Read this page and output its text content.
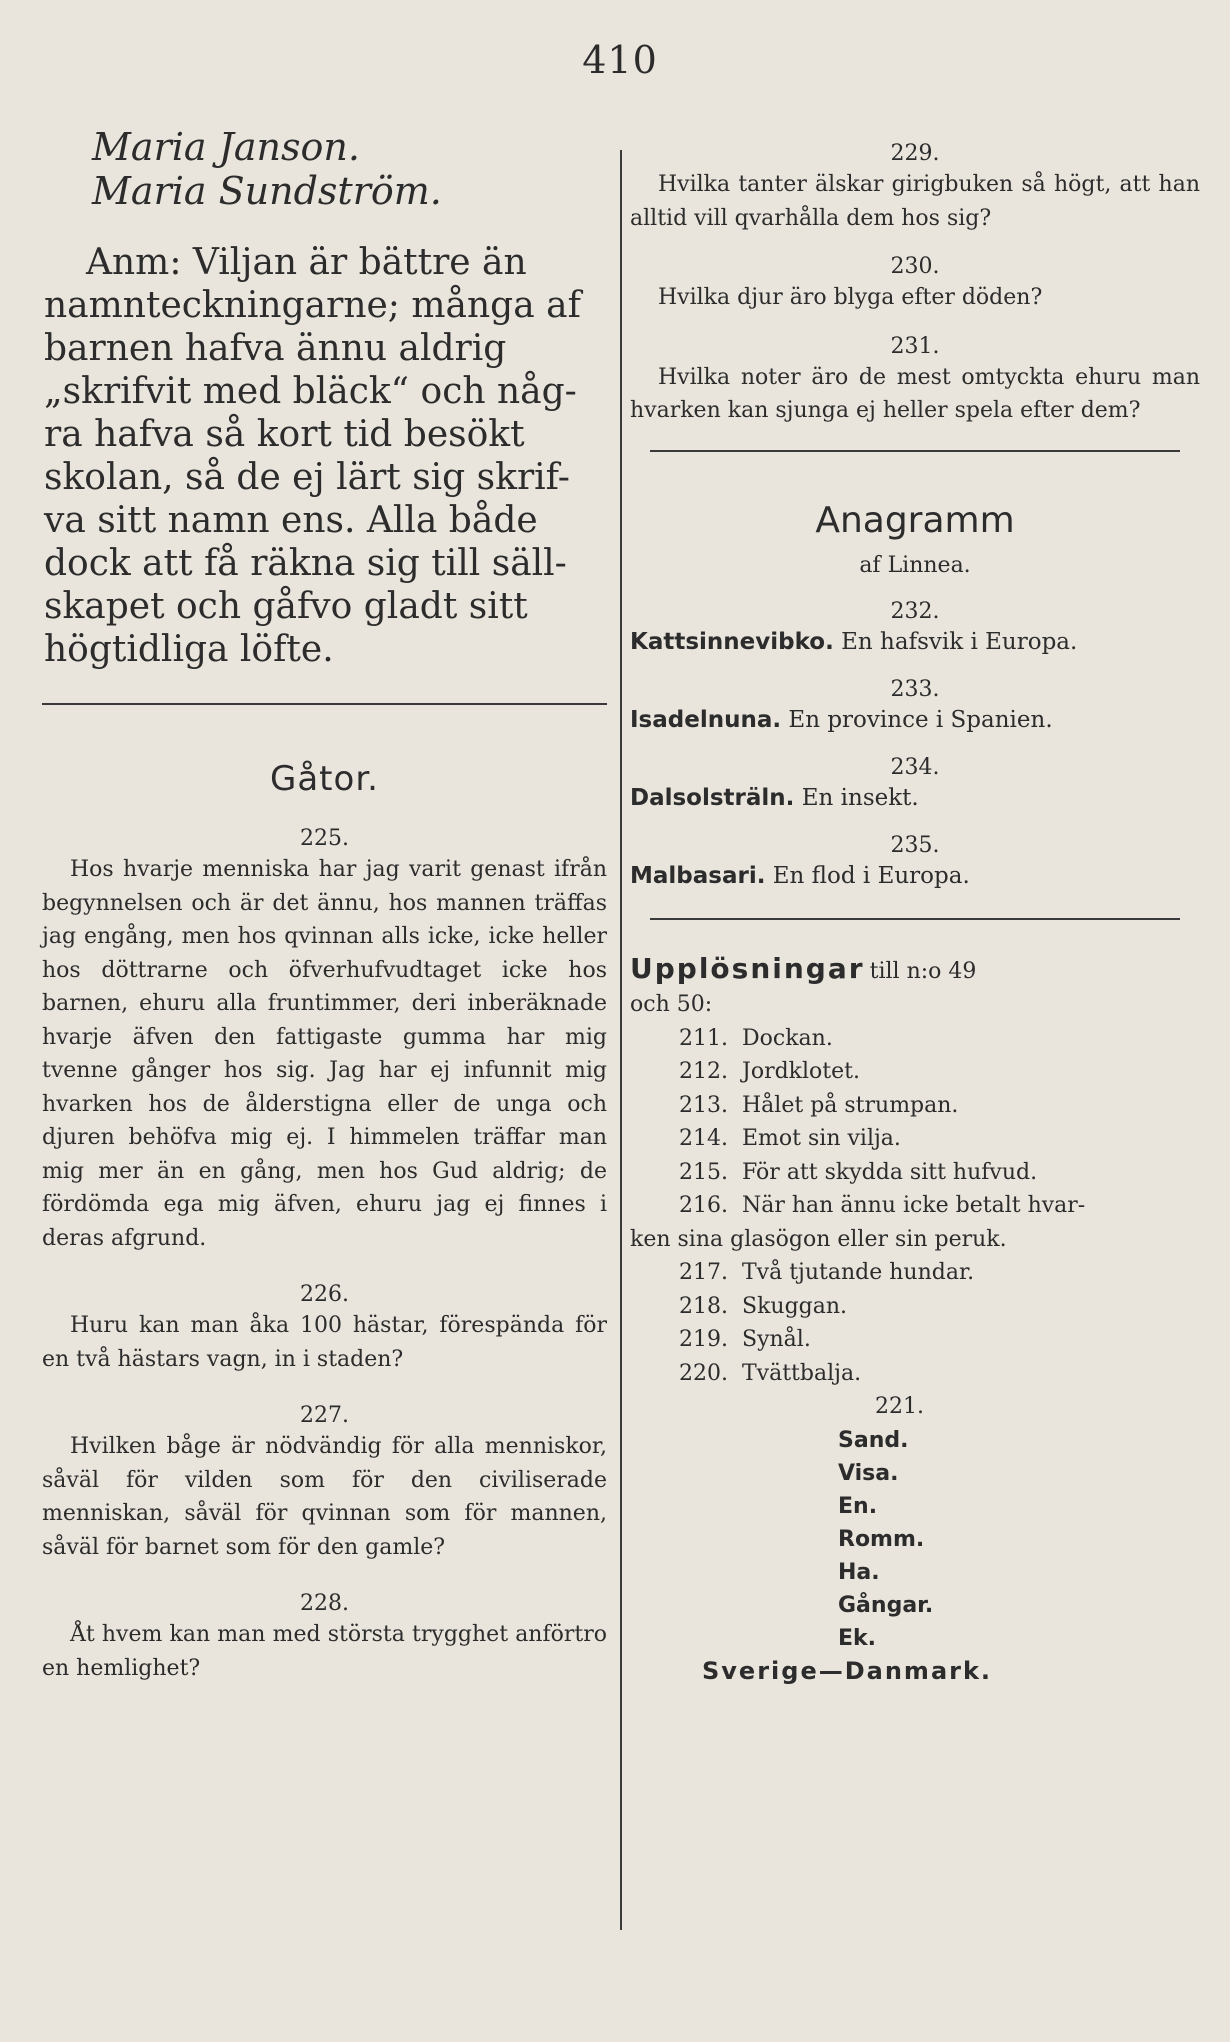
410
Maria Janson.
Maria Sundström.
Anm: Viljan är bättre än
namnteckningarne; många af
barnen hafva ännu aldrig
„skrifvit med bläck“ och någ-
ra hafva så kort tid besökt
skolan, så de ej lärt sig skrif-
va sitt namn ens. Alla både
dock att få räkna sig till säll-
skapet och gåfvo gladt sitt
högtidliga löfte.
Gåtor.
225.
Hos hvarje menniska har jag varit genast ifrån begynnelsen och är det ännu, hos mannen träffas jag engång, men hos qvinnan alls icke, icke heller hos döttrarne och öfverhufvudtaget icke hos barnen, ehuru alla fruntimmer, deri inberäknade hvarje äfven den fattigaste gumma har mig tvenne gånger hos sig. Jag har ej infunnit mig hvarken hos de ålderstigna eller de unga och djuren behöfva mig ej. I himmelen träffar man mig mer än en gång, men hos Gud aldrig; de fördömda ega mig äfven, ehuru jag ej finnes i deras afgrund.
226.
Huru kan man åka 100 hästar, förespända för en två hästars vagn, in i staden?
227.
Hvilken båge är nödvändig för alla menniskor, såväl för vilden som för den civiliserade menniskan, såväl för qvinnan som för mannen, såväl för barnet som för den gamle?
228.
Åt hvem kan man med största trygghet anförtro en hemlighet?
229.
Hvilka tanter älskar girigbuken så högt, att han alltid vill qvarhålla dem hos sig?
230.
Hvilka djur äro blyga efter döden?
231.
Hvilka noter äro de mest omtyckta ehuru man hvarken kan sjunga ej heller spela efter dem?
Anagramm
af Linnea.
232.
Kattsinnevibko. En hafsvik i Europa.
233.
Isadelnuna. En province i Spanien.
234.
Dalsolsträln. En insekt.
235.
Malbasari. En flod i Europa.
Upplösningar till n:o 49
och 50:
211. Dockan.
212. Jordklotet.
213. Hålet på strumpan.
214. Emot sin vilja.
215. För att skydda sitt hufvud.
216. När han ännu icke betalt hvar-
ken sina glasögon eller sin peruk.
217. Två tjutande hundar.
218. Skuggan.
219. Synål.
220. Tvättbalja.
221.
Sand.
Visa.
En.
Romm.
Ha.
Gångar.
Ek.
Sverige—Danmark.
